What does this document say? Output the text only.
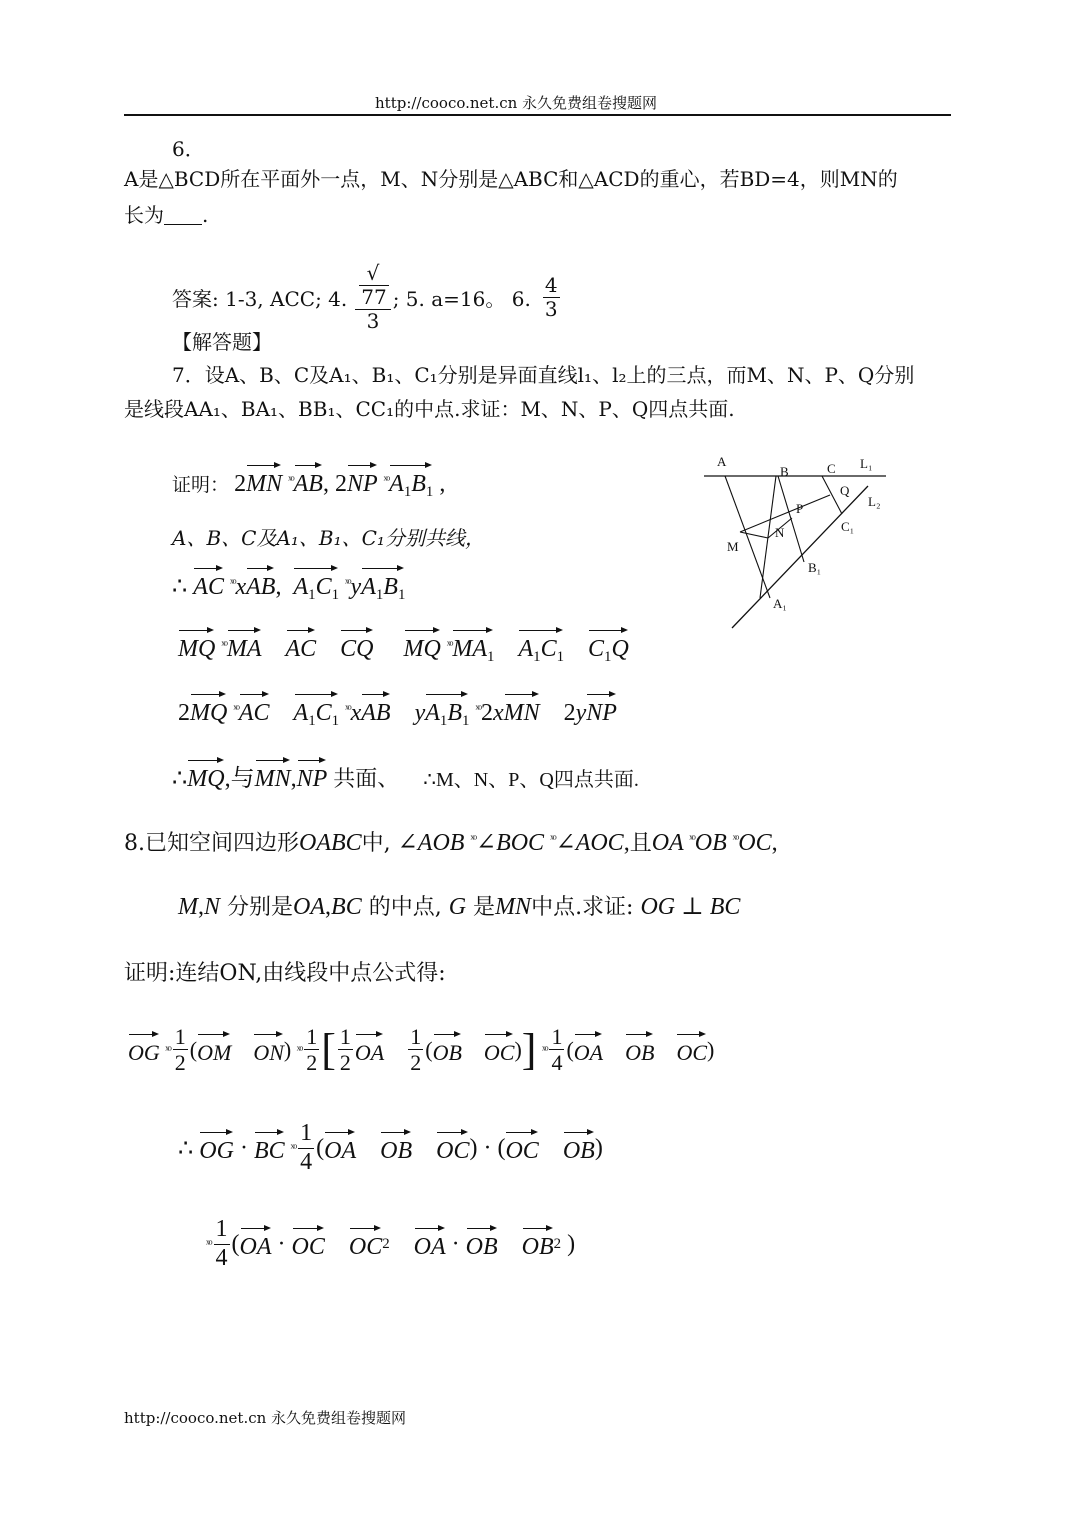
http://cooco.net.cn 永久免费组卷搜题网
6．
A是△BCD所在平面外一点，M、N分别是△ABC和△ACD的重心，若BD=4，则MN的
长为 .
答案: 1-3, ACC; 4. √
77
3 ; 5. a=16。 6. $\frac{4}{3}$
【解答题】
7．设A、B、C及A₁、B₁、C₁分别是异面直线l₁、l₂上的三点，而M、N、P、Q分别
是线段AA₁、BA₁、BB₁、CC₁的中点.求证：M、N、P、Q四点共面.
证明： 2MN $^{ˣᵒ}$AB, 2NP $^{ˣᵒ}A_1B_1$ ,
A、B、C及A₁、B₁、C₁分别共线，
∴ AC $^{ˣᵒ}$xAB,  $A_1C_1$ $^{ˣᵒ}yA_1B_1$
MQ $^{ˣᵒ}$MA AC CQ MQ $^{ˣᵒ}MA_1$ $A_1C_1$ $C_1Q$
2MQ $^{ˣᵒ}$AC $A_1C_1$ $^{ˣᵒ}$xAB    $yA_1B_1$ $^{ˣᵒ}$2xMN 2yNP
∴MQ,与MN,NP 共面、 ∴M、N、P、Q四点共面.
A
B	C L₁
Q
L₂
P
C₁
M
N
B₁
A₁
8.已知空间四边形OABC中, ∠AOB $^{ˣᵒ}$∠BOC $^{ˣᵒ}$∠AOC,且OA $^{ˣᵒ}$OB $^{ˣᵒ}$OC,
M,N 分别是OA,BC 的中点, G 是MN中点.求证: OG ⊥ BC
证明:连结ON,由线段中点公式得:
OG
ˣᵒ $\frac{1}{2}$ ( OM
ON )
ˣᵒ $\frac{1}{2}$ [ $\frac{1}{2}$ OA
$\frac{1}{2}$ ( OB
OC ) ]
ˣᵒ $\frac{1}{4}$ ( OA
OB
OC )
∴
OG · BC
ˣᵒ $\frac{1}{4}$ ( OA
OB
OC ) · ( OC
OB )
ˣᵒ $\frac{1}{4}$ ( OA · OC
OC 2
OA · OB
OB 2 )
http://cooco.net.cn 永久免费组卷搜题网
